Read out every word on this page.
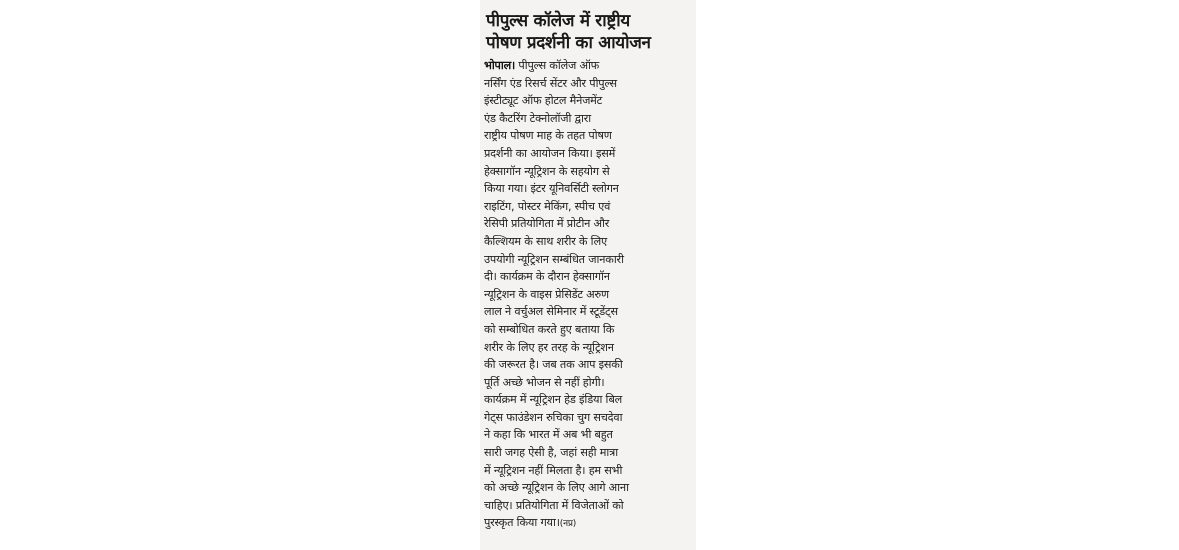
पीपुल्स कॉलेज में राष्ट्रीय
पोषण प्रदर्शनी का आयोजन
भोपाल। पीपुल्स कॉलेज ऑफ
नर्सिंग एंड रिसर्च सेंटर और पीपुल्स
इंस्टीट्यूट ऑफ होटल मैनेजमेंट
एंड कैटरिंग टेक्नोलॉजी द्वारा
राष्ट्रीय पोषण माह के तहत पोषण
प्रदर्शनी का आयोजन किया। इसमें
हेक्सागॉन न्यूट्रिशन के सहयोग से
किया गया। इंटर यूनिवर्सिटी स्लोगन
राइटिंग, पोस्टर मेकिंग, स्पीच एवं
रेसिपी प्रतियोगिता में प्रोटीन और
कैल्शियम के साथ शरीर के लिए
उपयोगी न्यूट्रिशन सम्बंधित जानकारी
दी। कार्यक्रम के दौरान हेक्सागॉन
न्यूट्रिशन के वाइस प्रेसिडेंट अरुण
लाल ने वर्चुअल सेमिनार में स्टूडेंट्स
को सम्बोधित करते हुए बताया कि
शरीर के लिए हर तरह के न्यूट्रिशन
की जरूरत है। जब तक आप इसकी
पूर्ति अच्छे भोजन से नहीं होगी।
कार्यक्रम में न्यूट्रिशन हेड इंडिया बिल
गेट्स फाउंडेशन रुचिका चुग सचदेवा
ने कहा कि भारत में अब भी बहुत
सारी जगह ऐसी है, जहां सही मात्रा
में न्यूट्रिशन नहीं मिलता है। हम सभी
को अच्छे न्यूट्रिशन के लिए आगे आना
चाहिए। प्रतियोगिता में विजेताओं को
पुरस्कृत किया गया।(नप्र)
